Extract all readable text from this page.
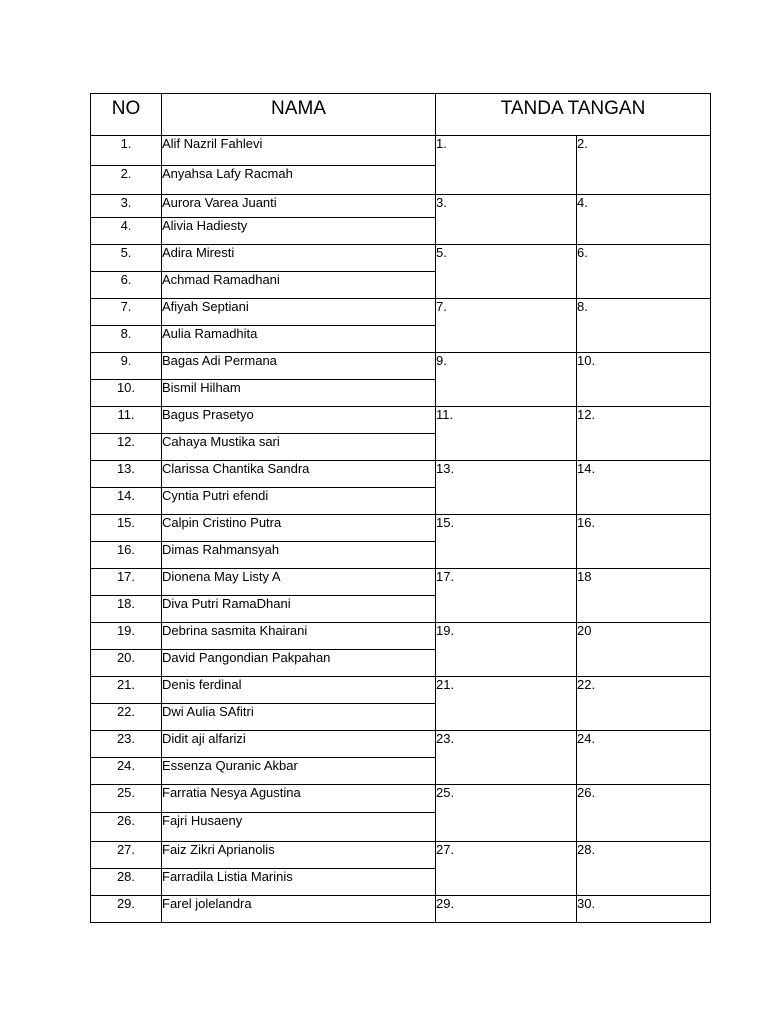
NO	NAMA	TANDA TANGAN	
1.	Alif Nazril Fahlevi	1.	2.
2.	Anyahsa Lafy Racmah		
3.	Aurora Varea Juanti	3.	4.
4.	Alivia Hadiesty		
5.	Adira Miresti	5.	6.
6.	Achmad Ramadhani		
7.	Afiyah Septiani	7.	8.
8.	Aulia Ramadhita		
9.	Bagas Adi Permana	9.	10.
10.	Bismil Hilham		
11.	Bagus Prasetyo	11.	12.
12.	Cahaya Mustika sari		
13.	Clarissa Chantika Sandra	13.	14.
14.	Cyntia Putri efendi		
15.	Calpin Cristino Putra	15.	16.
16.	Dimas Rahmansyah		
17.	Dionena May Listy A	17.	18
18.	Diva Putri RamaDhani		
19.	Debrina sasmita Khairani	19.	20
20.	David Pangondian Pakpahan		
21.	Denis ferdinal	21.	22.
22.	Dwi Aulia SAfitri		
23.	Didit aji alfarizi	23.	24.
24.	Essenza Quranic Akbar		
25.	Farratia Nesya Agustina	25.	26.
26.	Fajri Husaeny		
27.	Faiz Zikri Aprianolis	27.	28.
28.	Farradila Listia Marinis		
29.	Farel jolelandra	29.	30.
